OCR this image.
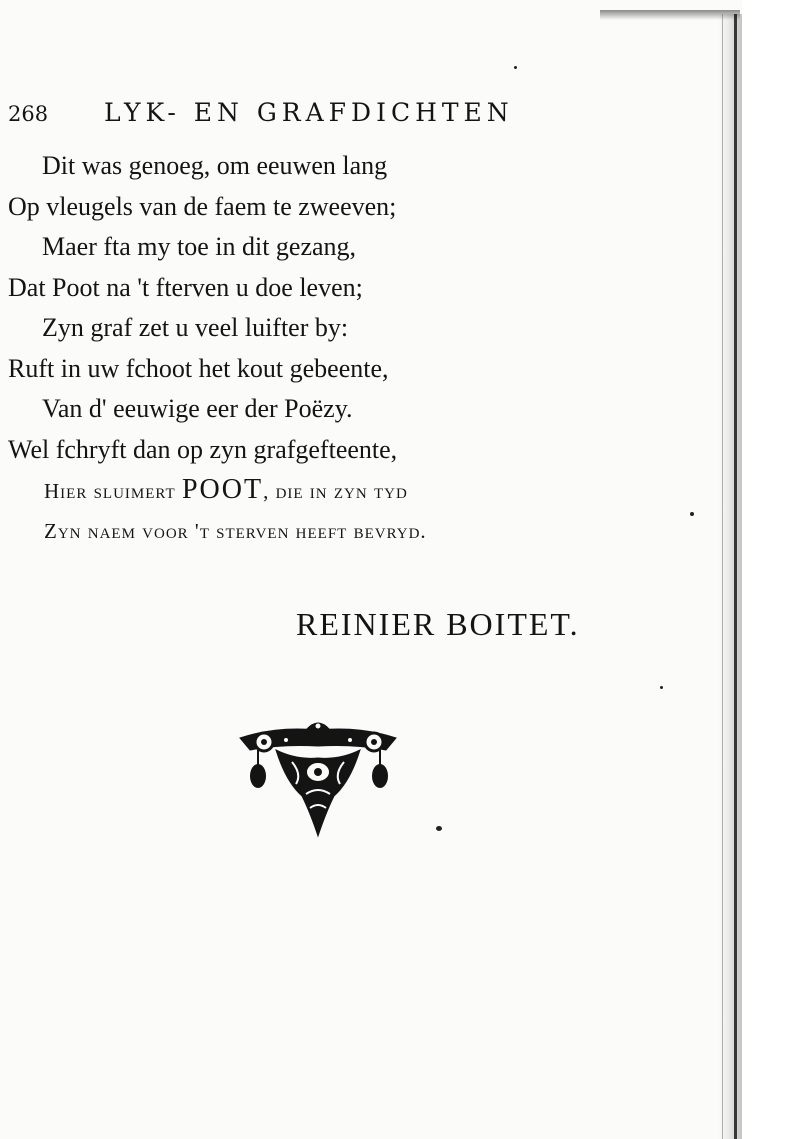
268 LYK- EN GRAFDICHTEN
Dit was genoeg, om eeuwen lang
Op vleugels van de faem te zweeven;
Maer fta my toe in dit gezang,
Dat Poot na 't fterven u doe leven;
Zyn graf zet u veel luifter by:
Ruft in uw fchoot het kout gebeente,
Van d' eeuwige eer der Poëzy.
Wel fchryft dan op zyn grafgefteente,
Hier sluimert POOT, die in zyn tyd
Zyn naem voor 't sterven heeft bevryd.
REINIER BOITET.
